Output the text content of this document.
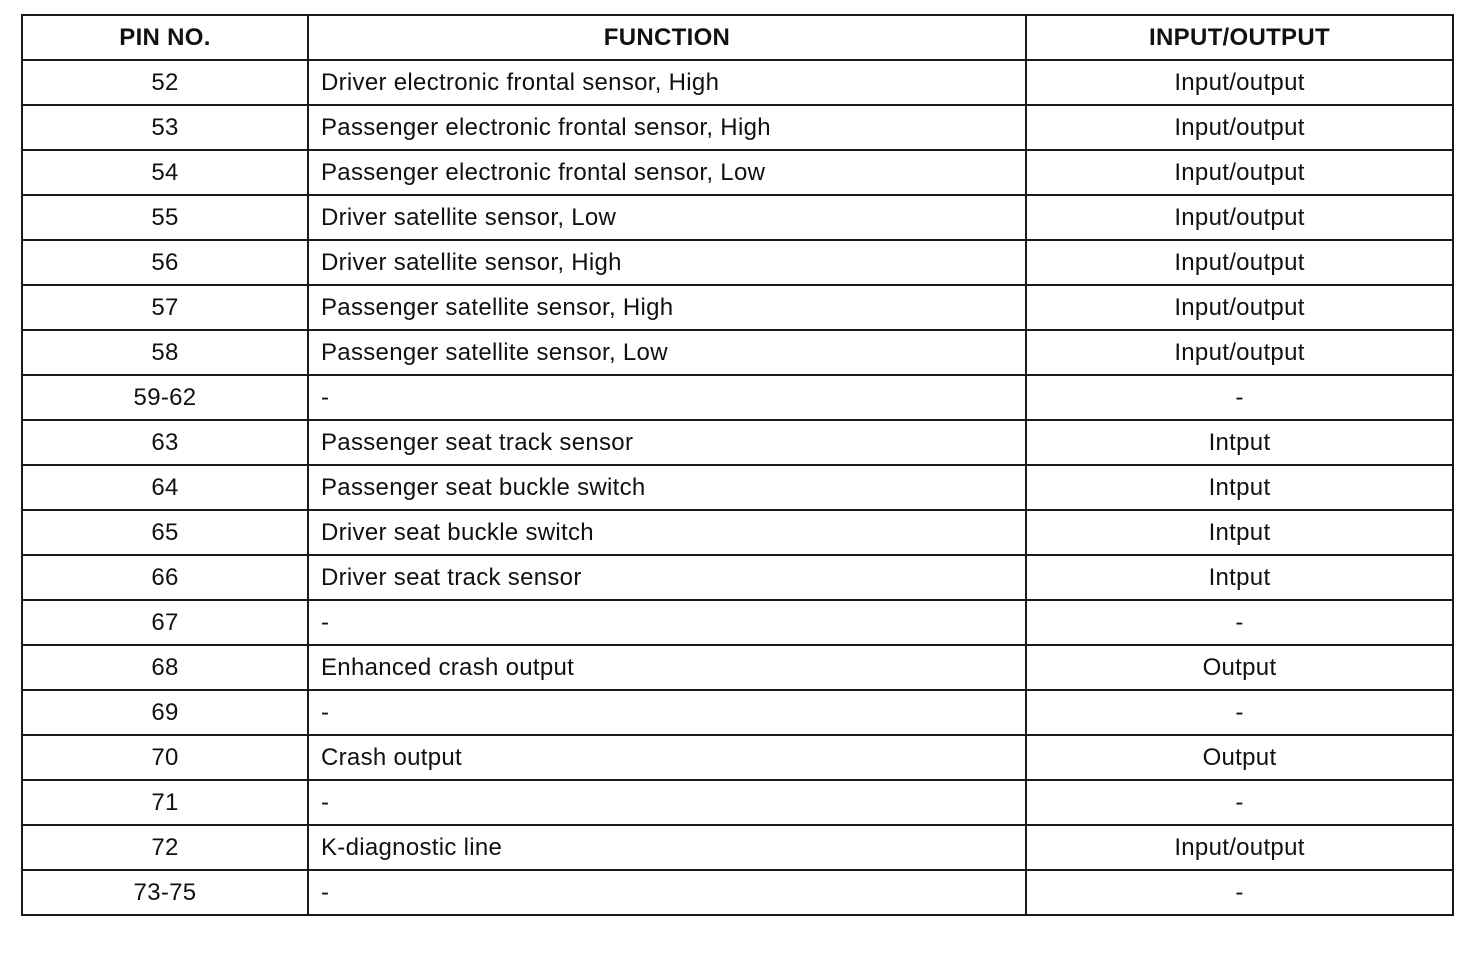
PIN NO.	FUNCTION	INPUT/OUTPUT
52	Driver electronic frontal sensor, High	Input/output
53	Passenger electronic frontal sensor, High	Input/output
54	Passenger electronic frontal sensor, Low	Input/output
55	Driver satellite sensor, Low	Input/output
56	Driver satellite sensor, High	Input/output
57	Passenger satellite sensor, High	Input/output
58	Passenger satellite sensor, Low	Input/output
59-62	-	-
63	Passenger seat track sensor	Intput
64	Passenger seat buckle switch	Intput
65	Driver seat buckle switch	Intput
66	Driver seat track sensor	Intput
67	-	-
68	Enhanced crash output	Output
69	-	-
70	Crash output	Output
71	-	-
72	K-diagnostic line	Input/output
73-75	-	-
